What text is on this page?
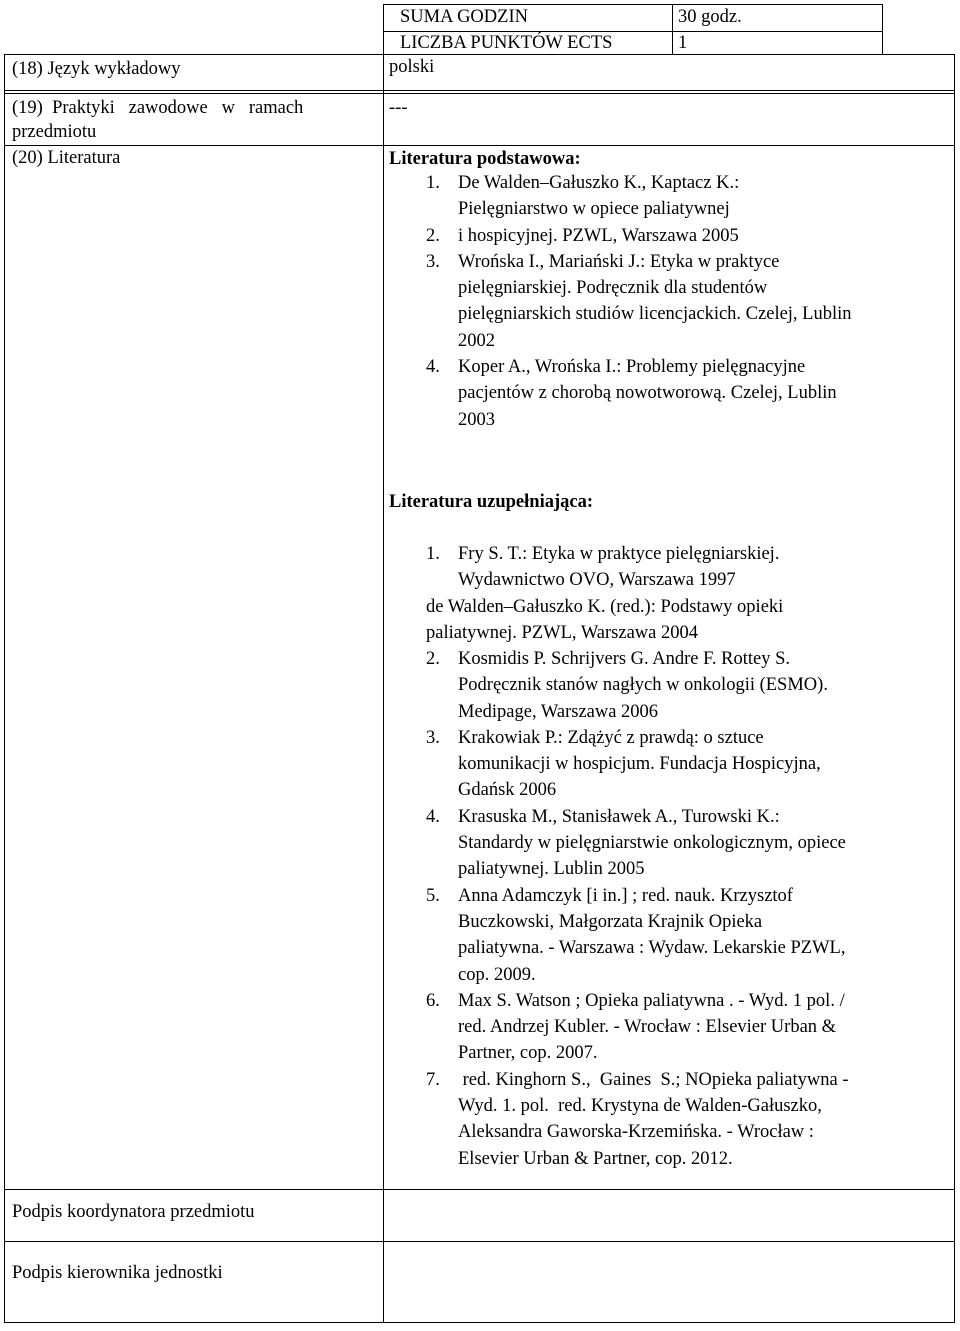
SUMA GODZIN	30 godz.
LICZBA PUNKTÓW ECTS	1
(18) Język wykładowy	polski
(19)  Praktyki   zawodowe   w   ramach
przedmiotu
---
(20) Literatura	Literatura podstawowa:
1. De Walden–Gałuszko K., Kaptacz K.:
Pielęgniarstwo w opiece paliatywnej
2. i hospicyjnej. PZWL, Warszawa 2005
3. Wrońska I., Mariański J.: Etyka w praktyce
pielęgniarskiej. Podręcznik dla studentów
pielęgniarskich studiów licencjackich. Czelej, Lublin
2002
4. Koper A., Wrońska I.: Problemy pielęgnacyjne
pacjentów z chorobą nowotworową. Czelej, Lublin
2003
Literatura uzupełniająca:
1. Fry S. T.: Etyka w praktyce pielęgniarskiej.
Wydawnictwo OVO, Warszawa 1997
de Walden–Gałuszko K. (red.): Podstawy opieki
paliatywnej. PZWL, Warszawa 2004
2. Kosmidis P. Schrijvers G. Andre F. Rottey S.
Podręcznik stanów nagłych w onkologii (ESMO).
Medipage, Warszawa 2006
3. Krakowiak P.: Zdążyć z prawdą: o sztuce
komunikacji w hospicjum. Fundacja Hospicyjna,
Gdańsk 2006
4. Krasuska M., Stanisławek A., Turowski K.:
Standardy w pielęgniarstwie onkologicznym, opiece
paliatywnej. Lublin 2005
5. Anna Adamczyk [i in.] ; red. nauk. Krzysztof
Buczkowski, Małgorzata Krajnik Opieka
paliatywna. - Warszawa : Wydaw. Lekarskie PZWL,
cop. 2009.
6. Max S. Watson ; Opieka paliatywna . - Wyd. 1 pol. /
red. Andrzej Kubler. - Wrocław : Elsevier Urban &
Partner, cop. 2007.
7. red. Kinghorn S.,  Gaines  S.; NOpieka paliatywna -
Wyd. 1. pol.  red. Krystyna de Walden-Gałuszko,
Aleksandra Gaworska-Krzemińska. - Wrocław :
Elsevier Urban & Partner, cop. 2012.
Podpis koordynatora przedmiotu
Podpis kierownika jednostki
